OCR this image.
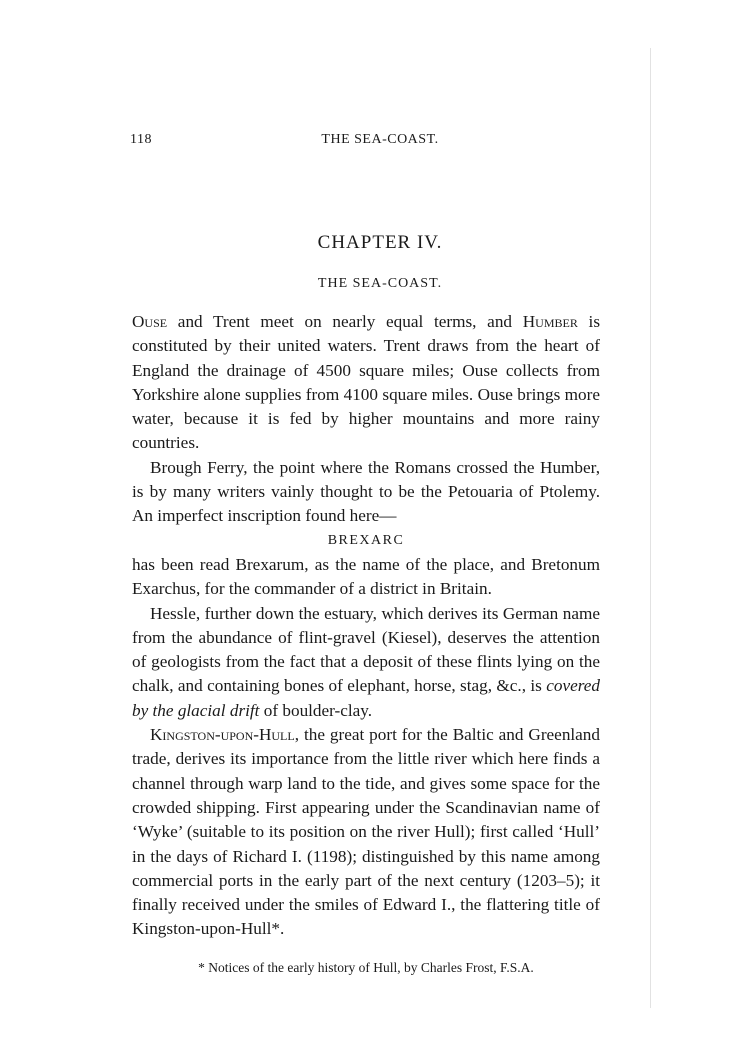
118	THE SEA-COAST.
CHAPTER IV.
THE SEA-COAST.

Ouse and Trent meet on nearly equal terms, and Humber is constituted by their united waters. Trent draws from the heart of England the drainage of 4500 square miles; Ouse collects from Yorkshire alone supplies from 4100 square miles. Ouse brings more water, because it is fed by higher mountains and more rainy countries.

Brough Ferry, the point where the Romans crossed the Humber, is by many writers vainly thought to be the Petouaria of Ptolemy. An imperfect inscription found here—

BREXARC

has been read Brexarum, as the name of the place, and Bretonum Exarchus, for the commander of a district in Britain.

Hessle, further down the estuary, which derives its German name from the abundance of flint-gravel (Kiesel), deserves the attention of geologists from the fact that a deposit of these flints lying on the chalk, and containing bones of elephant, horse, stag, &c., is covered by the glacial drift of boulder-clay.

Kingston-upon-Hull, the great port for the Baltic and Greenland trade, derives its importance from the little river which here finds a channel through warp land to the tide, and gives some space for the crowded shipping. First appearing under the Scandinavian name of ‘Wyke’ (suitable to its position on the river Hull); first called ‘Hull’ in the days of Richard I. (1198); distinguished by this name among commercial ports in the early part of the next century (1203–5); it finally received under the smiles of Edward I., the flattering title of Kingston-upon-Hull*.

* Notices of the early history of Hull, by Charles Frost, F.S.A.
